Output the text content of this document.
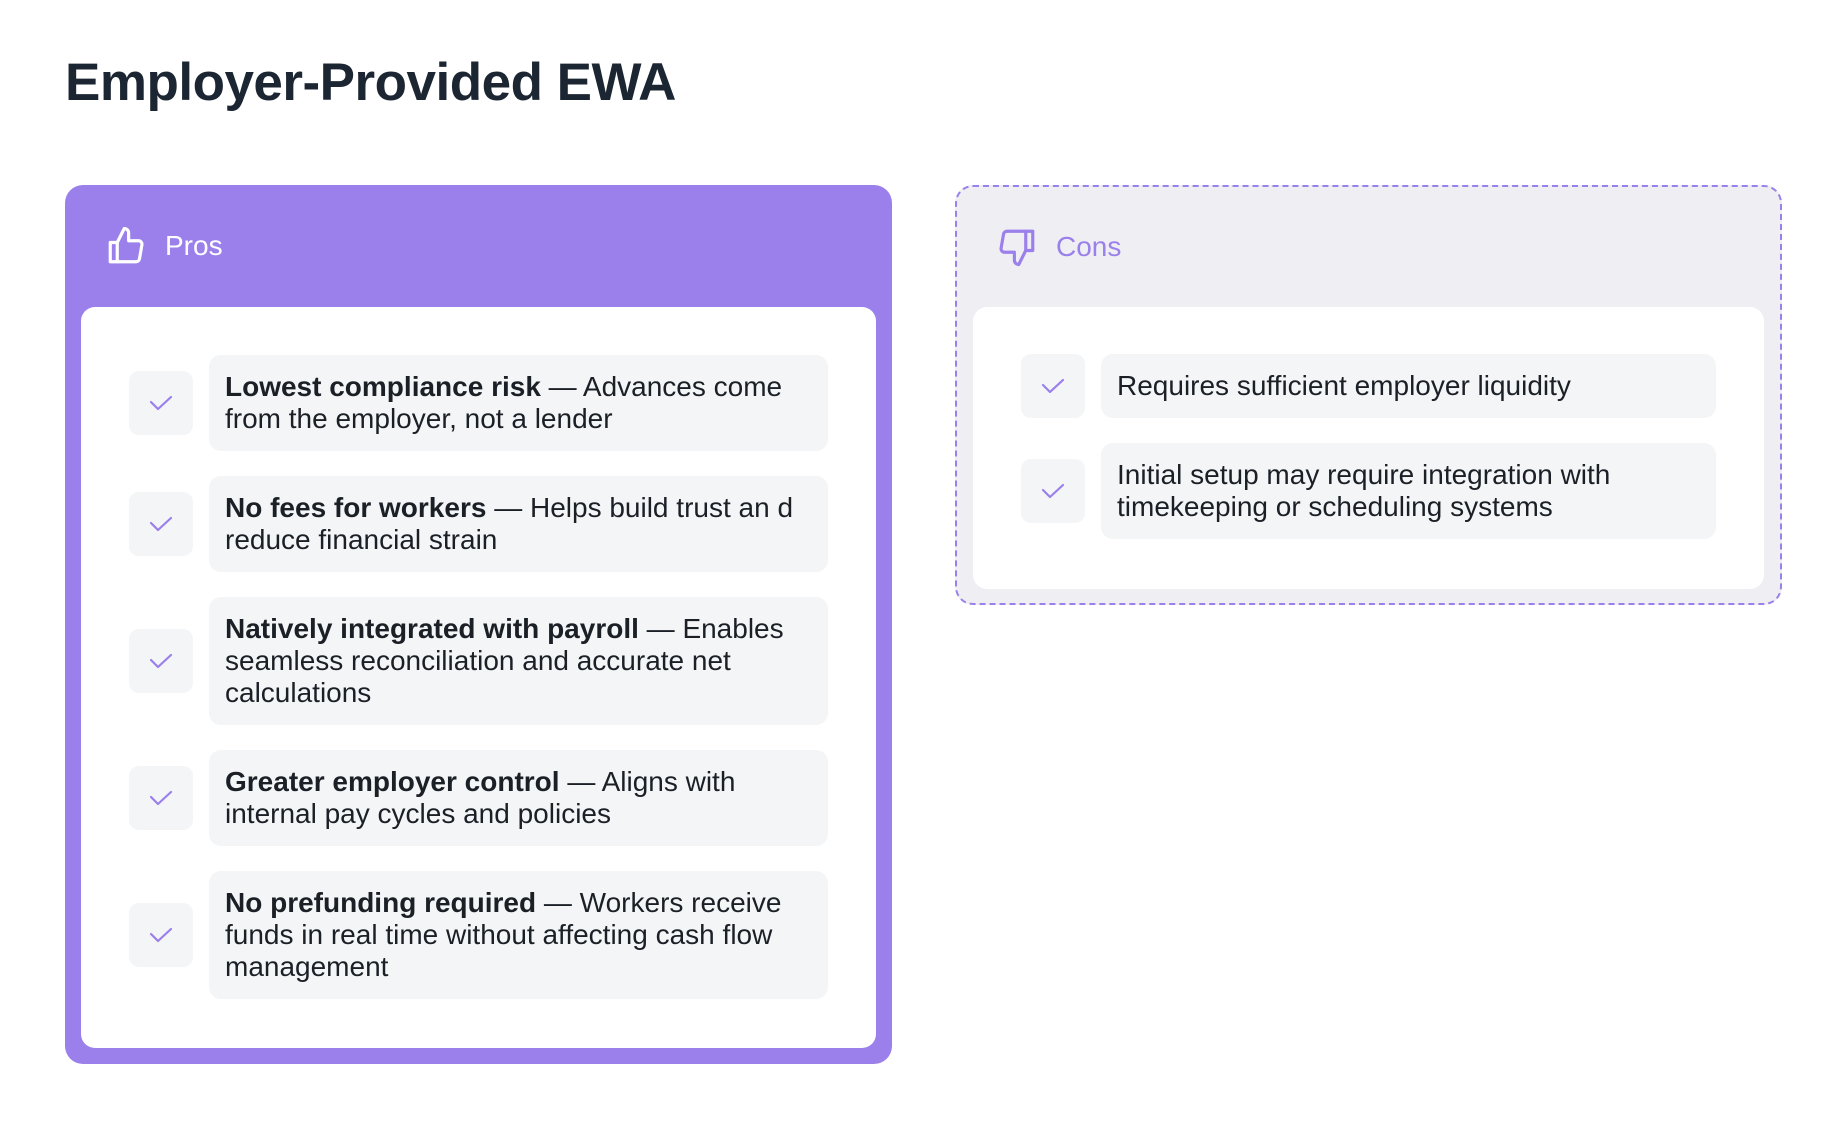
Employer-Provided EWA
Pros
Lowest compliance risk — Advances come from the employer, not a lender
No fees for workers — Helps build trust an d reduce financial strain
Natively integrated with payroll — Enables seamless reconciliation and accurate net calculations
Greater employer control — Aligns with internal pay cycles and policies
No prefunding required — Workers receive funds in real time without affecting cash flow management
Cons
Requires sufficient employer liquidity
Initial setup may require integration with timekeeping or scheduling systems
